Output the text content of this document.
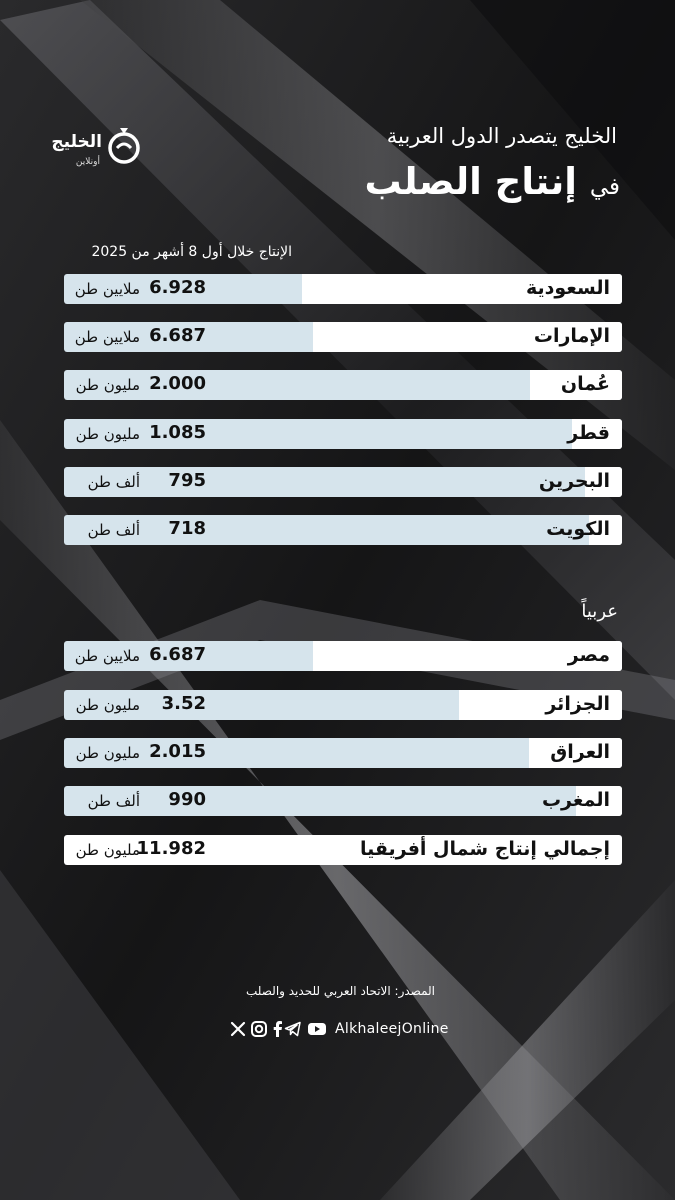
الخليج
أونلاين
الخليج يتصدر الدول العربية
في إنتاج الصلب
الإنتاج خلال أول 8 أشهر من 2025
السعودية
6.928
ملايين طن
الإمارات
6.687
ملايين طن
عُمان
2.000
مليون طن
قطر
1.085
مليون طن
البحرين
795
ألف طن
الكويت
718
ألف طن
عربياً
مصر
6.687
ملايين طن
الجزائر
3.52
مليون طن
العراق
2.015
مليون طن
المغرب
990
ألف طن
إجمالي إنتاج شمال أفريقيا
11.982
مليون طن
المصدر: الاتحاد العربي للحديد والصلب
AlkhaleejOnline
